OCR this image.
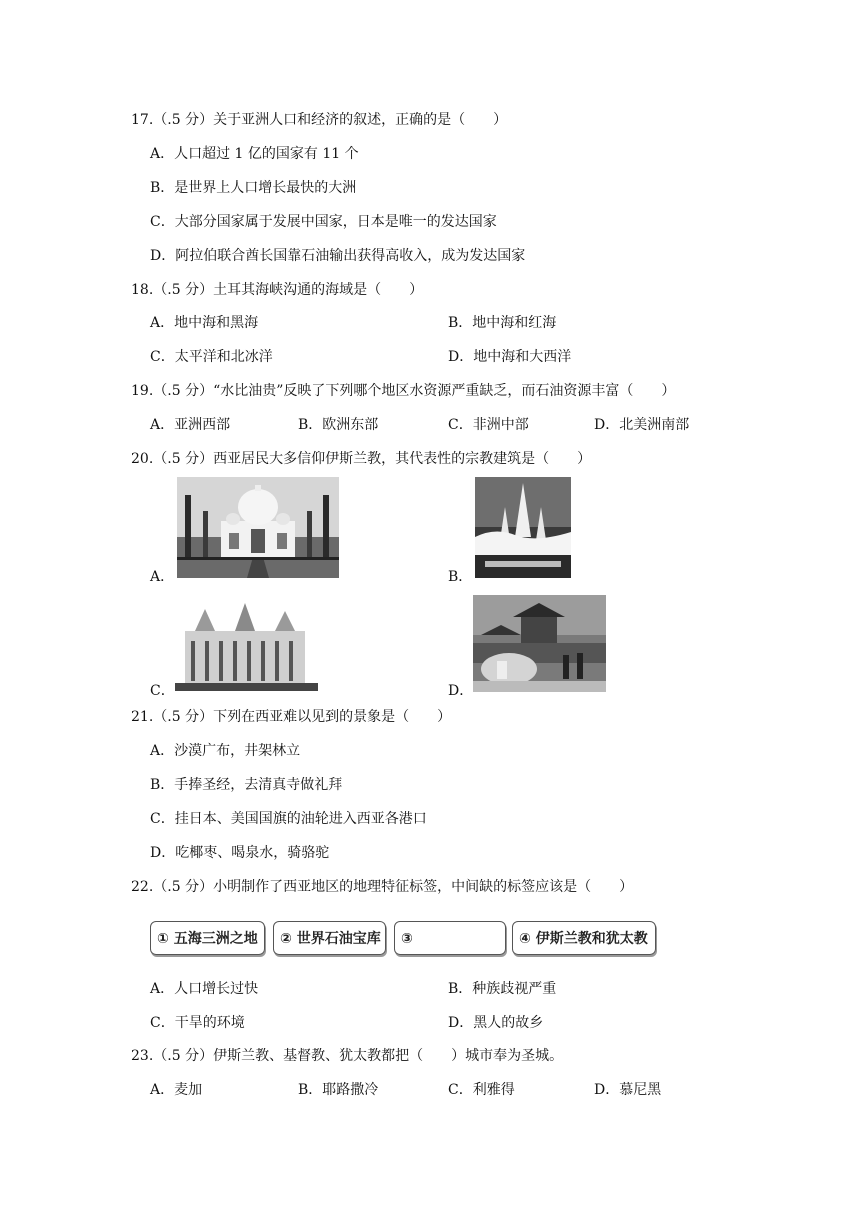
17.（.5 分）关于亚洲人口和经济的叙述，正确的是（　　）
A．人口超过 1 亿的国家有 11 个
B．是世界上人口增长最快的大洲
C．大部分国家属于发展中国家，日本是唯一的发达国家
D．阿拉伯联合酋长国靠石油输出获得高收入，成为发达国家
18.（.5 分）土耳其海峡沟通的海域是（　　）
A．地中海和黑海	B．地中海和红海
C．太平洋和北冰洋	D．地中海和大西洋
19.（.5 分）“水比油贵”反映了下列哪个地区水资源严重缺乏，而石油资源丰富（　　）
A．亚洲西部	B．欧洲东部	C．非洲中部	D．北美洲南部
20.（.5 分）西亚居民大多信仰伊斯兰教，其代表性的宗教建筑是（　　）
A．	B．
C．	D．
21.（.5 分）下列在西亚难以见到的景象是（　　）
A．沙漠广布，井架林立
B．手捧圣经，去清真寺做礼拜
C．挂日本、美国国旗的油轮进入西亚各港口
D．吃椰枣、喝泉水，骑骆驼
22.（.5 分）小明制作了西亚地区的地理特征标签，中间缺的标签应该是（　　）
① 五海三洲之地	② 世界石油宝库	③	④ 伊斯兰教和犹太教
A．人口增长过快	B．种族歧视严重
C．干旱的环境	D．黑人的故乡
23.（.5 分）伊斯兰教、基督教、犹太教都把（　　）城市奉为圣城。
A．麦加	B．耶路撒冷	C．利雅得	D．慕尼黑
